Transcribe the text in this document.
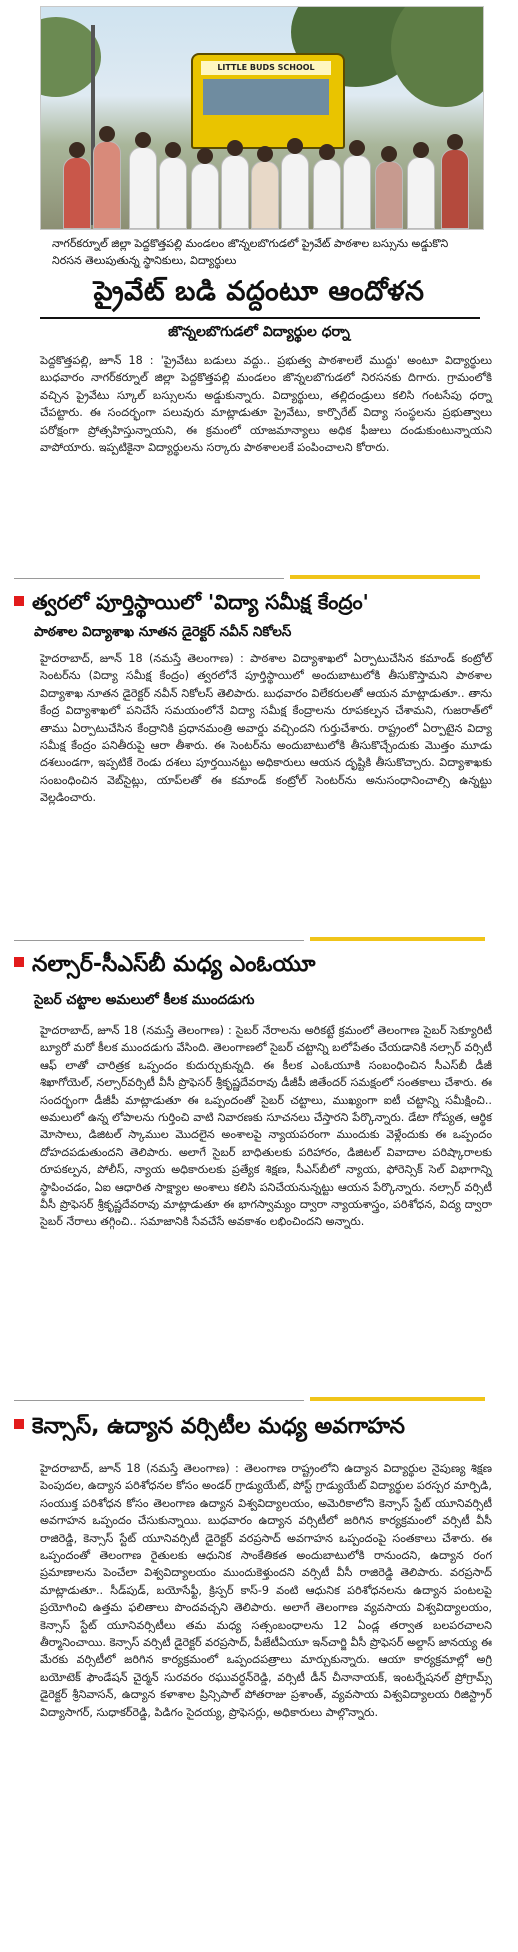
LITTLE BUDS SCHOOL
నాగర్‌కర్నూల్ జిల్లా పెద్దకొత్తపల్లి మండలం జొన్నలబొగుడలో ప్రైవేట్ పాఠశాల బస్సును అడ్డుకొని నిరసన తెలుపుతున్న స్థానికులు, విద్యార్థులు
ప్రైవేట్ బడి వద్దంటూ ఆందోళన
జొన్నలబొగుడలో విద్యార్థుల ధర్నా

పెద్దకొత్తపల్లి, జూన్ 18 : 'ప్రైవేటు బడులు వద్దు.. ప్రభుత్వ పాఠశాలలే ముద్దు' అంటూ విద్యార్థులు బుధవారం నాగర్‌కర్నూల్ జిల్లా పెద్దకొత్తపల్లి మండలం జొన్నలబొగుడలో నిరసనకు దిగారు. గ్రామంలోకి వచ్చిన ప్రైవేటు స్కూల్ బస్సులను అడ్డుకున్నారు. విద్యార్థులు, తల్లిదండ్రులు కలిసి గంటసేపు ధర్నా చేపట్టారు. ఈ సందర్భంగా పలువురు మాట్లాడుతూ ప్రైవేటు, కార్పొరేట్ విద్యా సంస్థలను ప్రభుత్వాలు పరోక్షంగా ప్రోత్సహిస్తున్నాయని, ఈ క్రమంలో యాజమాన్యాలు అధిక ఫీజులు దండుకుంటున్నాయని వాపోయారు. ఇప్పటికైనా విద్యార్థులను సర్కారు పాఠశాలలకే పంపించాలని కోరారు.

త్వరలో పూర్తిస్థాయిలో 'విద్యా సమీక్ష కేంద్రం'
పాఠశాల విద్యాశాఖ నూతన డైరెక్టర్ నవీన్ నికోలస్

హైదరాబాద్, జూన్ 18 (నమస్తే తెలంగాణ) : పాఠశాల విద్యాశాఖలో ఏర్పాటుచేసిన కమాండ్ కంట్రోల్ సెంటర్‌ను (విద్యా సమీక్ష కేంద్రం) త్వరలోనే పూర్తిస్థాయిలో అందుబాటులోకి తీసుకొస్తామని పాఠశాల విద్యాశాఖ నూతన డైరెక్టర్ నవీన్ నికోలస్ తెలిపారు. బుధవారం విలేకరులతో ఆయన మాట్లాడుతూ.. తాను కేంద్ర విద్యాశాఖలో పనిచేసే సమయంలోనే విద్యా సమీక్ష కేంద్రాలను రూపకల్పన చేశామని, గుజరాత్‌లో తాము ఏర్పాటుచేసిన కేంద్రానికి ప్రధానమంత్రి అవార్డు వచ్చిందని గుర్తుచేశారు. రాష్ట్రంలో ఏర్పాటైన విద్యా సమీక్ష కేంద్రం పనితీరుపై ఆరా తీశారు. ఈ సెంటర్‌ను అందుబాటులోకి తీసుకొచ్చేందుకు మొత్తం మూడు దశలుండగా, ఇప్పటికే రెండు దశలు పూర్తయినట్టు అధికారులు ఆయన దృష్టికి తీసుకొచ్చారు. విద్యాశాఖకు సంబంధించిన వెబ్‌సైట్లు, యాప్‌లతో ఈ కమాండ్ కంట్రోల్ సెంటర్‌ను అనుసంధానించాల్సి ఉన్నట్టు వెల్లడించారు.

నల్సార్-సీఎస్‌బీ మధ్య ఎంఓయూ
సైబర్ చట్టాల అమలులో కీలక ముందడుగు

హైదరాబాద్, జూన్ 18 (నమస్తే తెలంగాణ) : సైబర్ నేరాలను అరికట్టే క్రమంలో తెలంగాణ సైబర్ సెక్యూరిటీ బ్యూరో మరో కీలక ముందడుగు వేసింది. తెలంగాణలో సైబర్ చట్టాన్ని బలోపేతం చేయడానికి నల్సార్‌ వర్సిటీ ఆఫ్ లాతో చారిత్రక ఒప్పందం కుదుర్చుకున్నది. ఈ కీలక ఎంఓయూకి సంబంధించిన సీఎస్‌బీ డీజీ శిఖాగోయెల్, నల్సార్‌వర్సిటీ వీసీ ప్రొఫెసర్ శ్రీకృష్ణదేవరావు డీజీపీ జితేందర్ సమక్షంలో సంతకాలు చేశారు. ఈ సందర్భంగా డీజీపీ మాట్లాడుతూ ఈ ఒప్పందంతో సైబర్ చట్టాలు, ముఖ్యంగా ఐటీ చట్టాన్ని సమీక్షించి.. అమలులో ఉన్న లోపాలను గుర్తించి వాటి నివారణకు సూచనలు చేస్తారని పేర్కొన్నారు. డేటా గోప్యత, ఆర్థిక మోసాలు, డిజిటల్ స్కాముల మొదలైన అంశాలపై న్యాయపరంగా ముందుకు వెళ్లేందుకు ఈ ఒప్పందం దోహదపడుతుందని తెలిపారు. అలాగే సైబర్ బాధితులకు పరిహారం, డిజిటల్ వివాదాల పరిష్కారాలకు రూపకల్పన, పోలీస్, న్యాయ అధికారులకు ప్రత్యేక శిక్షణ, సీఎస్‌బీలో న్యాయ, ఫోరెన్సిక్ సెల్ విభాగాన్ని స్థాపించడం, ఏఐ ఆధారిత సాక్ష్యాల అంశాలు కలిసి పనిచేయనున్నట్టు ఆయన పేర్కొన్నారు. నల్సార్ వర్సిటీ వీసీ ప్రొఫెసర్ శ్రీకృష్ణదేవరావు మాట్లాడుతూ ఈ భాగస్వామ్యం ద్వారా న్యాయశాస్త్రం, పరిశోధన, విద్య ద్వారా సైబర్ నేరాలు తగ్గించి.. సమాజానికి సేవచేసే అవకాశం లభించిందని అన్నారు.

కెన్సాస్, ఉద్యాన వర్సిటీల మధ్య అవగాహన

హైదరాబాద్, జూన్ 18 (నమస్తే తెలంగాణ) : తెలంగాణ రాష్ట్రంలోని ఉద్యాన విద్యార్థుల నైపుణ్య శిక్షణ పెంపుదల, ఉద్యాన పరిశోధనల కోసం అండర్ గ్రాడ్యుయేట్, పోస్ట్ గ్రాడ్యుయేట్ విద్యార్థుల పరస్పర మార్పిడి, సంయుక్త పరిశోధన కోసం తెలంగాణ ఉద్యాన విశ్వవిద్యాలయం, అమెరికాలోని కెన్సాస్ స్టేట్ యూనివర్సిటీ అవగాహన ఒప్పందం చేసుకున్నాయి. బుధవారం ఉద్యాన వర్సిటీలో జరిగిన కార్యక్రమంలో వర్సిటీ వీసీ రాజిరెడ్డి, కెన్సాస్ స్టేట్ యూనివర్సిటీ డైరెక్టర్ వరప్రసాద్ అవగాహన ఒప్పందంపై సంతకాలు చేశారు. ఈ ఒప్పందంతో తెలంగాణ రైతులకు ఆధునిక సాంకేతికత అందుబాటులోకి రానుందని, ఉద్యాన రంగ ప్రమాణాలను పెంచేలా విశ్వవిద్యాలయం ముందుకెళ్తుందని వర్సిటీ వీసీ రాజిరెడ్డి తెలిపారు. వరప్రసాద్ మాట్లాడుతూ.. సీడ్‌పుడ్, బయోసేఫ్టీ, క్రిస్పర్ కాస్-9 వంటి ఆధునిక పరిశోధనలను ఉద్యాన పంటలపై ప్రయోగించి ఉత్తమ ఫలితాలు పొందవచ్చని తెలిపారు. అలాగే తెలంగాణ వ్యవసాయ విశ్వవిద్యాలయం, కెన్సాస్ స్టేట్ యూనివర్సిటీలు తమ మధ్య సత్సంబంధాలను 12 ఏండ్ల తర్వాత బలపరచాలని తీర్మానించాయి. కెన్సాస్ వర్సిటీ డైరెక్టర్ వరప్రసాద్, పీజేటీఏయూ ఇన్‌చార్జి వీసీ ప్రొఫెసర్ అల్దాస్ జానయ్య ఈ మేరకు వర్సిటీలో జరిగిన కార్యక్రమంలో ఒప్పందపత్రాలు మార్చుకున్నారు. ఆయా కార్యక్రమాల్లో అగ్రి బయోటెక్ ఫౌండేషన్ చైర్మన్ సురవరం రఘువర్ధన్‌రెడ్డి, వర్సిటీ డీన్ చీనానాయక్, ఇంటర్నేషనల్ ప్రోగ్రామ్స్ డైరెక్టర్ శ్రీనివాసన్, ఉద్యాన కళాశాల ప్రిన్సిపాల్ పోతరాజు ప్రశాంత్, వ్యవసాయ విశ్వవిద్యాలయ రిజిస్ట్రార్ విద్యాసాగర్, సుధాకర్‌రెడ్డి, పిడిగం సైదయ్య, ప్రొఫెసర్లు, అధికారులు పాల్గొన్నారు.
